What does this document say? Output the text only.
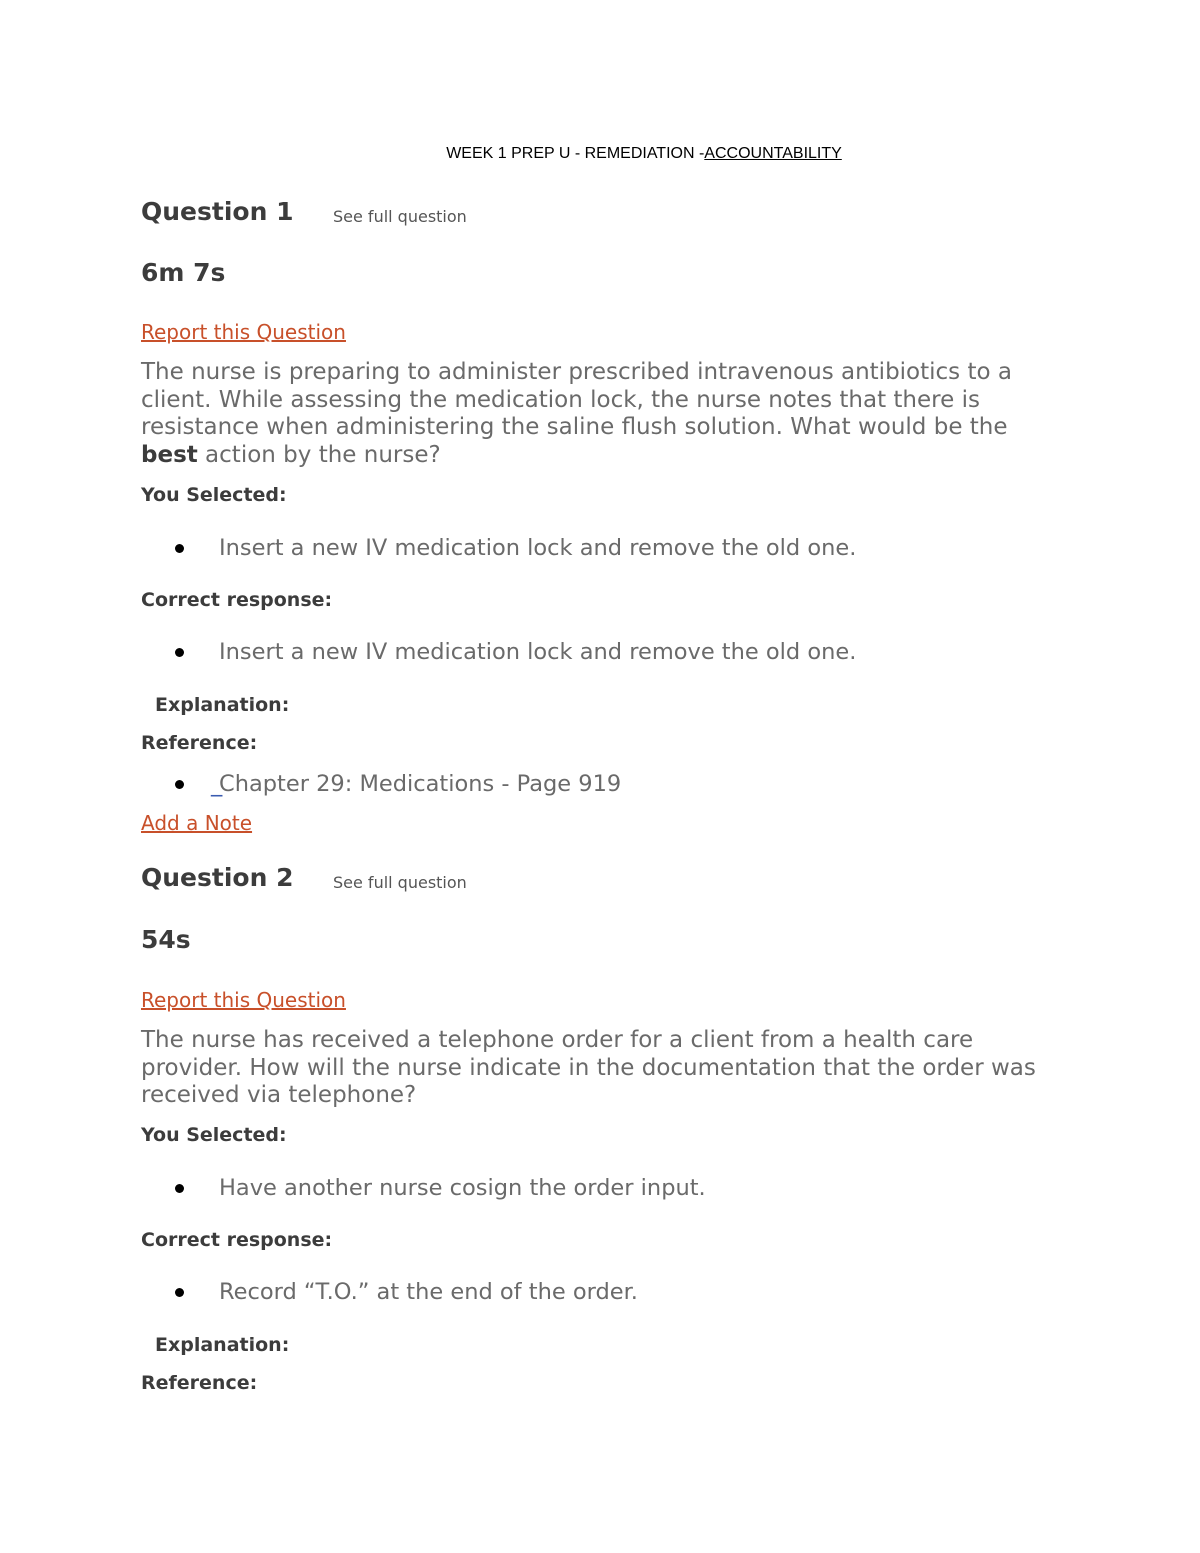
WEEK 1 PREP U - REMEDIATION -ACCOUNTABILITY
Question 1 See full question
6m 7s
Report this Question
The nurse is preparing to administer prescribed intravenous antibiotics to a client. While assessing the medication lock, the nurse notes that there is resistance when administering the saline flush solution. What would be the best action by the nurse?
You Selected:
Insert a new IV medication lock and remove the old one.
Correct response:
Insert a new IV medication lock and remove the old one.
Explanation:
Reference:
_
Chapter 29: Medications - Page 919
Add a Note
Question 2 See full question
54s
Report this Question
The nurse has received a telephone order for a client from a health care provider. How will the nurse indicate in the documentation that the order was received via telephone?
You Selected:
Have another nurse cosign the order input.
Correct response:
Record “T.O.” at the end of the order.
Explanation:
Reference:
